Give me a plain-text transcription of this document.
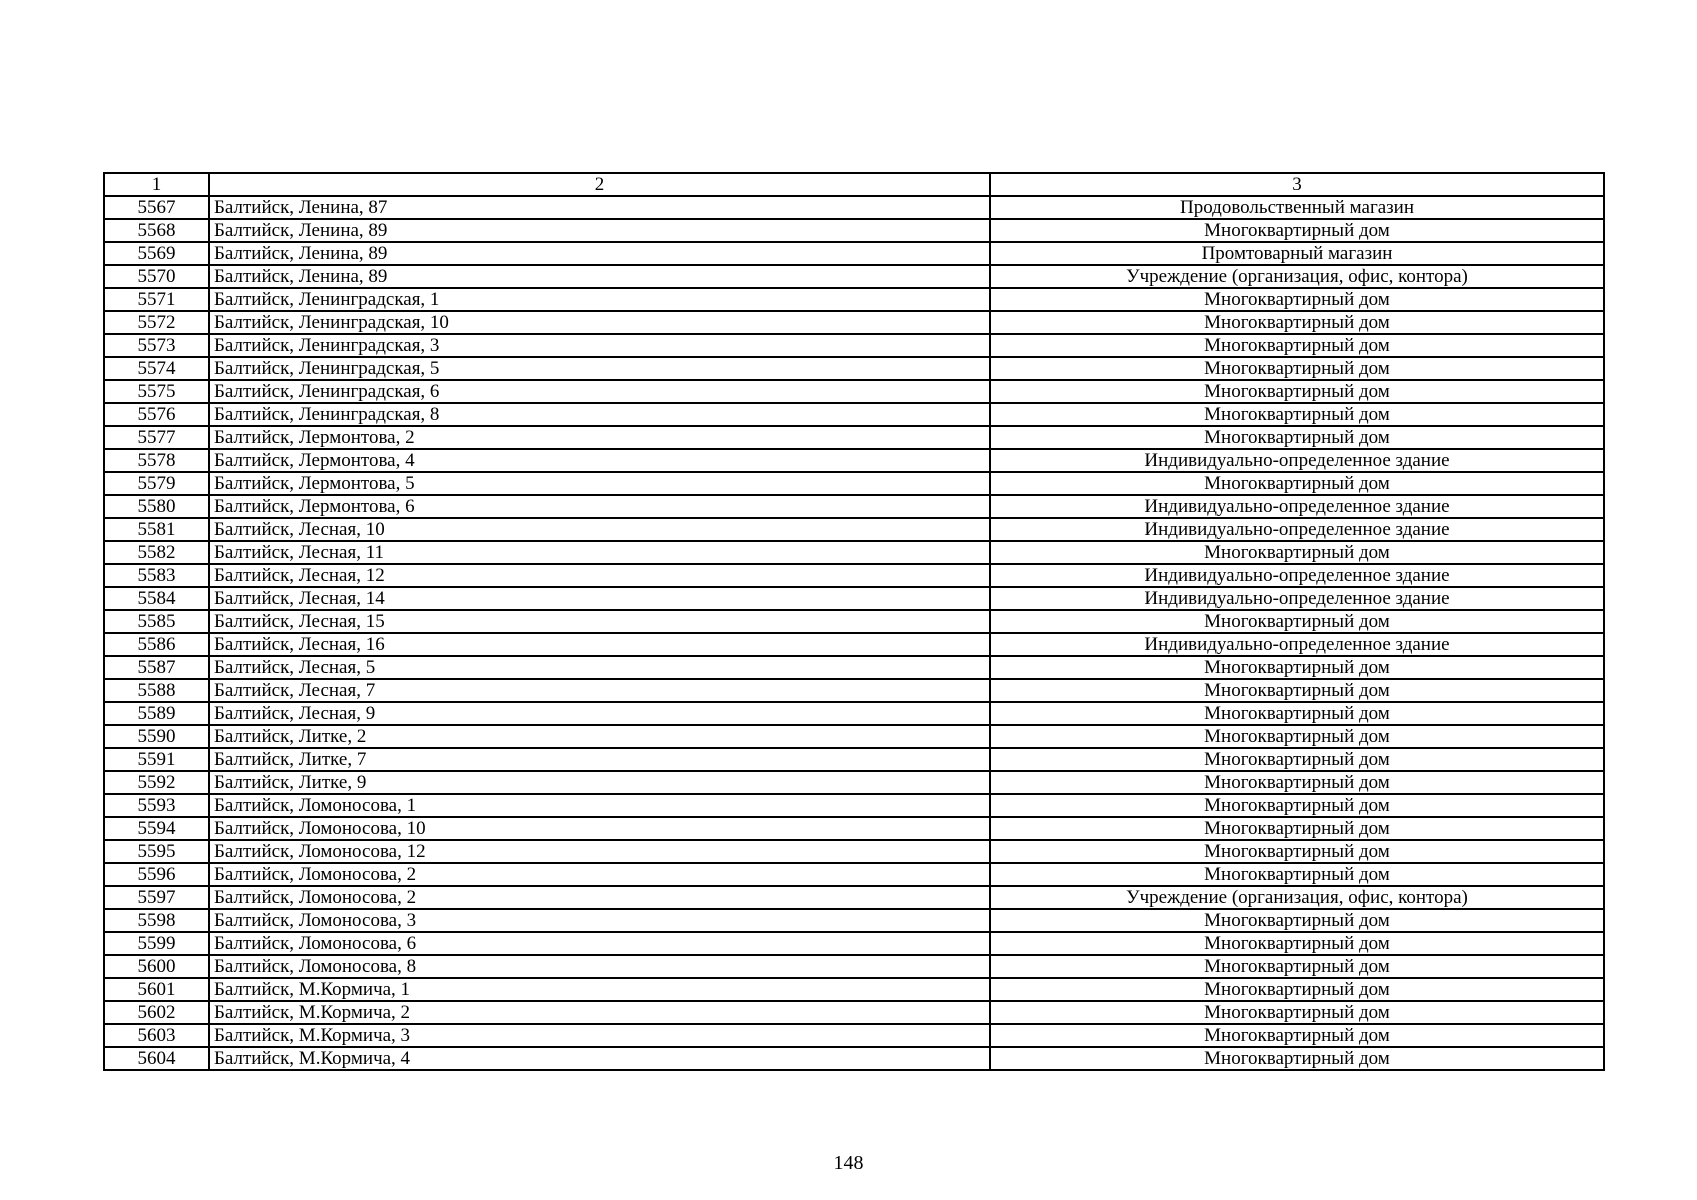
1	2	3
5567	Балтийск, Ленина, 87	Продовольственный магазин
5568	Балтийск, Ленина, 89	Многоквартирный дом
5569	Балтийск, Ленина, 89	Промтоварный магазин
5570	Балтийск, Ленина, 89	Учреждение (организация, офис, контора)
5571	Балтийск, Ленинградская, 1	Многоквартирный дом
5572	Балтийск, Ленинградская, 10	Многоквартирный дом
5573	Балтийск, Ленинградская, 3	Многоквартирный дом
5574	Балтийск, Ленинградская, 5	Многоквартирный дом
5575	Балтийск, Ленинградская, 6	Многоквартирный дом
5576	Балтийск, Ленинградская, 8	Многоквартирный дом
5577	Балтийск, Лермонтова, 2	Многоквартирный дом
5578	Балтийск, Лермонтова, 4	Индивидуально-определенное здание
5579	Балтийск, Лермонтова, 5	Многоквартирный дом
5580	Балтийск, Лермонтова, 6	Индивидуально-определенное здание
5581	Балтийск, Лесная, 10	Индивидуально-определенное здание
5582	Балтийск, Лесная, 11	Многоквартирный дом
5583	Балтийск, Лесная, 12	Индивидуально-определенное здание
5584	Балтийск, Лесная, 14	Индивидуально-определенное здание
5585	Балтийск, Лесная, 15	Многоквартирный дом
5586	Балтийск, Лесная, 16	Индивидуально-определенное здание
5587	Балтийск, Лесная, 5	Многоквартирный дом
5588	Балтийск, Лесная, 7	Многоквартирный дом
5589	Балтийск, Лесная, 9	Многоквартирный дом
5590	Балтийск, Литке, 2	Многоквартирный дом
5591	Балтийск, Литке, 7	Многоквартирный дом
5592	Балтийск, Литке, 9	Многоквартирный дом
5593	Балтийск, Ломоносова, 1	Многоквартирный дом
5594	Балтийск, Ломоносова, 10	Многоквартирный дом
5595	Балтийск, Ломоносова, 12	Многоквартирный дом
5596	Балтийск, Ломоносова, 2	Многоквартирный дом
5597	Балтийск, Ломоносова, 2	Учреждение (организация, офис, контора)
5598	Балтийск, Ломоносова, 3	Многоквартирный дом
5599	Балтийск, Ломоносова, 6	Многоквартирный дом
5600	Балтийск, Ломоносова, 8	Многоквартирный дом
5601	Балтийск, М.Кормича, 1	Многоквартирный дом
5602	Балтийск, М.Кормича, 2	Многоквартирный дом
5603	Балтийск, М.Кормича, 3	Многоквартирный дом
5604	Балтийск, М.Кормича, 4	Многоквартирный дом
148
